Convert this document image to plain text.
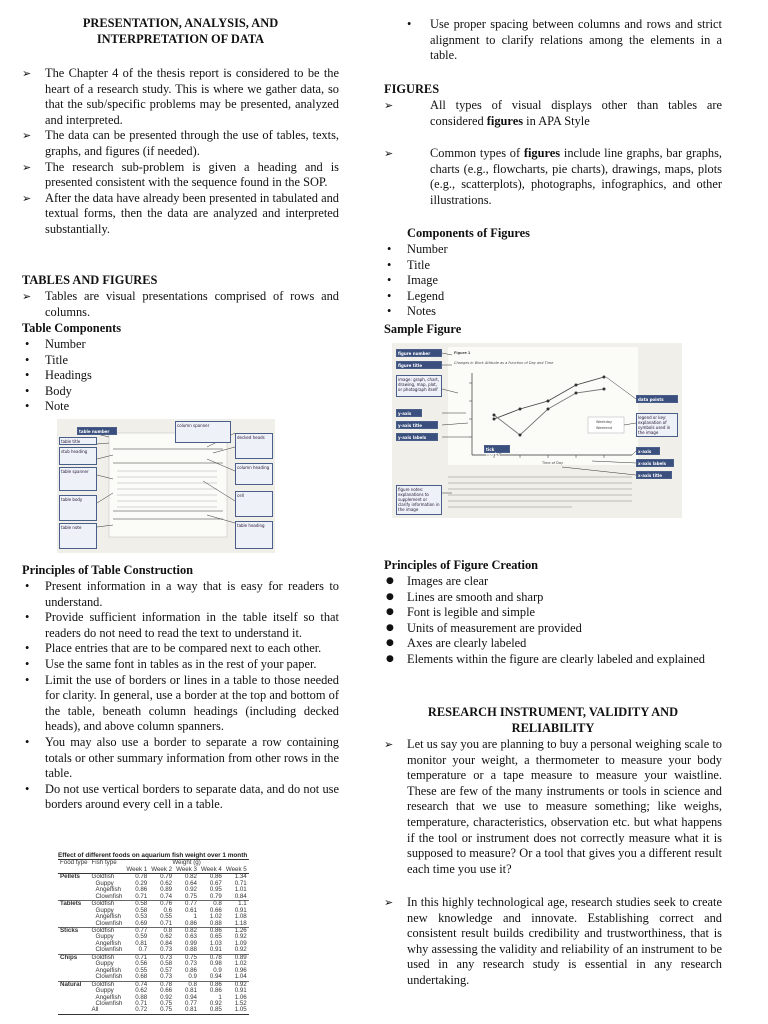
PRESENTATION, ANALYSIS, AND

INTERPRETATION OF DATA

➢ The Chapter 4 of the thesis report is considered to be the heart of a research study. This is where we gather data, so that the sub/specific problems may be presented, analyzed and interpreted.
➢ The data can be presented through the use of tables, texts, graphs, and figures (if needed).
➢ The research sub-problem is given a heading and is presented consistent with the sequence found in the SOP.
➢ After the data have already been presented in tabulated and textual forms, then the data are analyzed and interpreted substantially.

TABLES AND FIGURES

➢ Tables are visual presentations comprised of rows and columns.

Table Components

• Number
• Title
• Headings
• Body
• Note

Principles of Table Construction

• Present information in a way that is easy for readers to understand.
• Provide sufficient information in the table itself so that readers do not need to read the text to understand it.
• Place entries that are to be compared next to each other.
• Use the same font in tables as in the rest of your paper.
• Limit the use of borders or lines in a table to those needed for clarity. In general, use a border at the top and bottom of the table, beneath column headings (including decked heads), and above column spanners.
• You may also use a border to separate a row containing totals or other summary information from other rows in the table.
• Do not use vertical borders to separate data, and do not use borders around every cell in a table.
table number
table title
stub heading
table spanner
table body
table note
column spanner
decked heads
column heading
cell
table heading
Effect of different foods on aquarium fish weight over 1 month
Food type	Fish type	Weight (g)				
		Week 1	Week 2	Week 3	Week 4	Week 5
Pellets	Goldfish	0.78	0.79	0.82	0.86	1.34
	Guppy	0.29	0.62	0.64	0.67	0.71
	Angelfish	0.86	0.89	0.92	0.95	1.01
	Clownfish	0.71	0.74	0.75	0.79	0.84
Tablets	Goldfish	0.58	0.76	0.77	0.8	1.1
	Guppy	0.58	0.6	0.61	0.66	0.91
	Angelfish	0.53	0.55	1	1.02	1.08
	Clownfish	0.69	0.71	0.86	0.88	1.18
Sticks	Goldfish	0.77	0.8	0.82	0.86	1.26
	Guppy	0.59	0.62	0.63	0.65	0.92
	Angelfish	0.81	0.84	0.99	1.03	1.09
	Clownfish	0.7	0.73	0.88	0.91	0.92
Chips	Goldfish	0.71	0.73	0.75	0.78	0.89
	Guppy	0.56	0.58	0.73	0.98	1.02
	Angelfish	0.55	0.57	0.86	0.9	0.96
	Clownfish	0.68	0.73	0.9	0.94	1.04
Natural	Goldfish	0.74	0.78	0.8	0.86	0.92
	Guppy	0.62	0.66	0.81	0.86	0.91
	Angelfish	0.88	0.92	0.94	1	1.06
	Clownfish	0.71	0.75	0.77	0.92	1.52
	All	0.72	0.75	0.81	0.85	1.05
• Use proper spacing between columns and rows and strict alignment to clarify relations among the elements in a table.

FIGURES

➢ All types of visual displays other than tables are considered figures in APA Style
➢ Common types of figures include line graphs, bar graphs, charts (e.g., flowcharts, pie charts), drawings, maps, plots (e.g., scatterplots), photographs, infographics, and other illustrations.

Components of Figures

• Number
• Title
• Image
• Legend
• Notes

Sample Figure

Principles of Figure Creation

● Images are clear
● Lines are smooth and sharp
● Font is legible and simple
● Units of measurement are provided
● Axes are clearly labeled
● Elements within the figure are clearly labeled and explained

RESEARCH INSTRUMENT, VALIDITY AND

RELIABILITY

➢ Let us say you are planning to buy a personal weighing scale to monitor your weight, a thermometer to measure your body temperature or a tape measure to measure your waistline. These are few of the many instruments or tools in science and research that we use to measure something; like weighs, temperature, characteristics, observation etc. but what happens if the tool or instrument does not correctly measure what it is supposed to measure? Or a tool that gives you a different result each time you use it?
➢ In this highly technological age, research studies seek to create new knowledge and innovate. Establishing correct and consistent result builds credibility and trustworthiness, that is why assessing the validity and reliability of an instrument to be used in any research study is essential in any research undertaking.
figure number
figure title
image: graph, chart, drawing, map, plot, or photograph itself
y-axis
y-axis title
y-axis labels
tick marks
data points
legend or key: explanation of symbols used in the image
x-axis
x-axis labels
x-axis title
figure notes: explanations to supplement or clarify information in the image
Figure 1
Changes in Work Attitude as a Function of Day and Time
Time of Day
Weekday
Weekend
